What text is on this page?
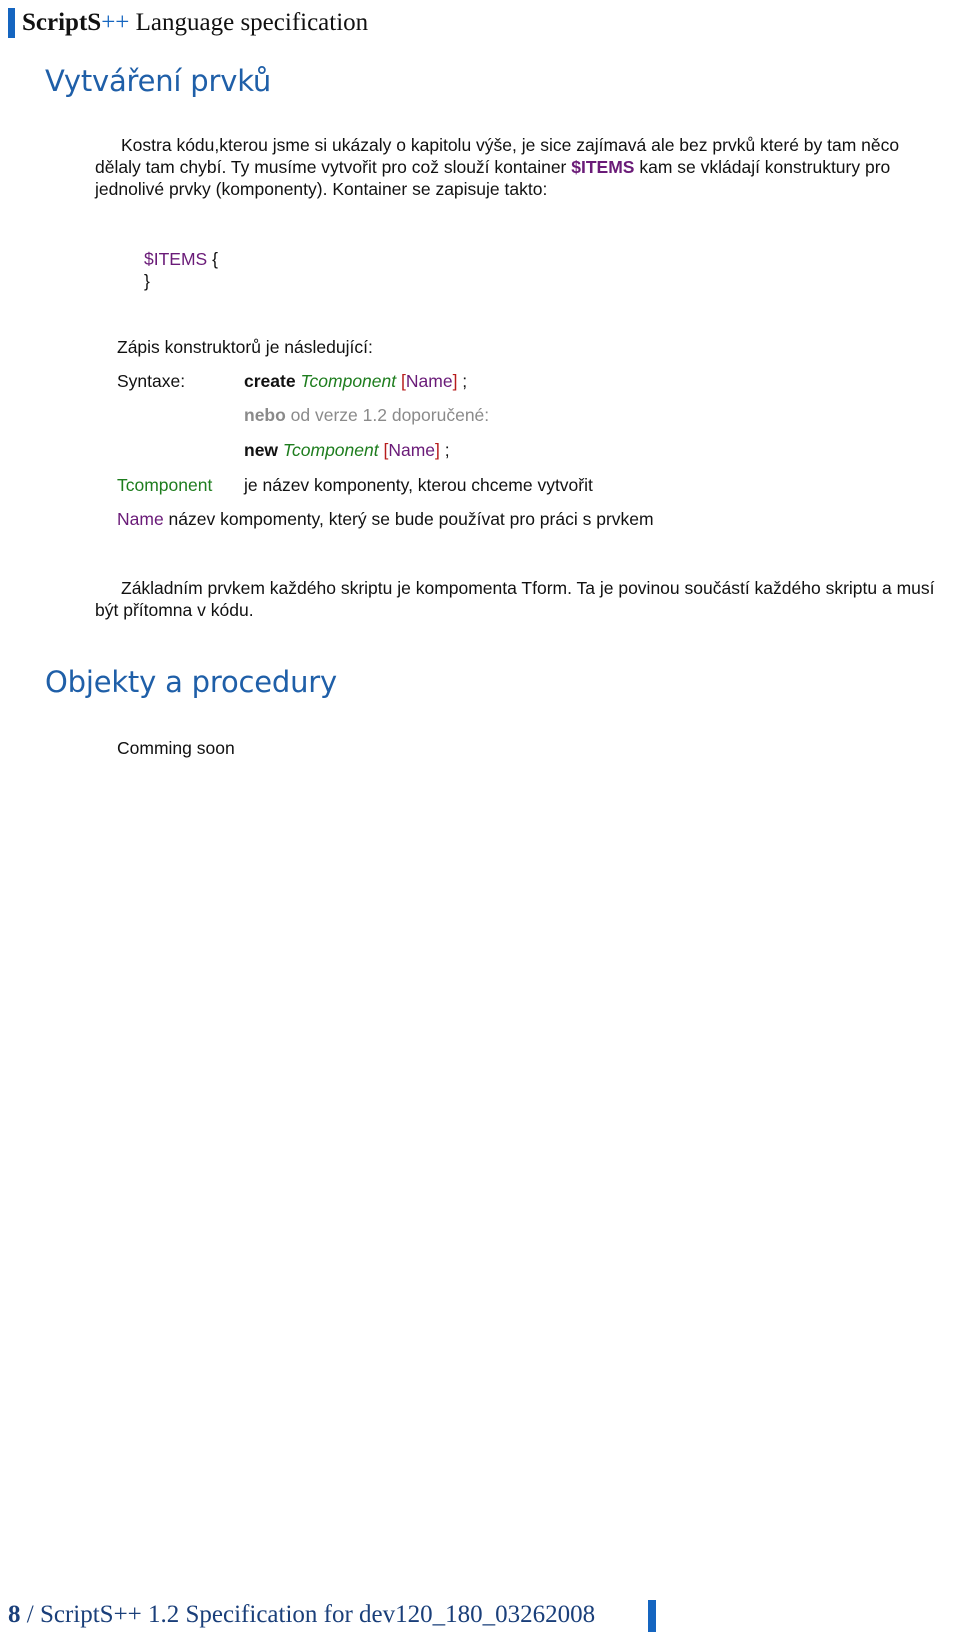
ScriptS++ Language specification
Vytváření prvků
Kostra kódu,kterou jsme si ukázaly o kapitolu výše, je sice zajímavá ale bez prvků které by tam něco dělaly tam chybí. Ty musíme vytvořit pro což slouží kontainer $ITEMS kam se vkládají konstruktury pro jednolivé prvky (komponenty). Kontainer se zapisuje takto:
$ITEMS {
}
Zápis konstruktorů je následující:
Syntaxe:	create Tcomponent [Name] ;
nebo od verze 1.2 doporučené:
new Tcomponent [Name] ;
Tcomponent je název komponenty, kterou chceme vytvořit
Name název kompomenty, který se bude používat pro práci s prvkem
Základním prvkem každého skriptu je kompomenta Tform. Ta je povinou součástí každého skriptu a musí být přítomna v kódu.
Objekty a procedury
Comming soon
8 / ScriptS++ 1.2 Specification for dev120_180_03262008
